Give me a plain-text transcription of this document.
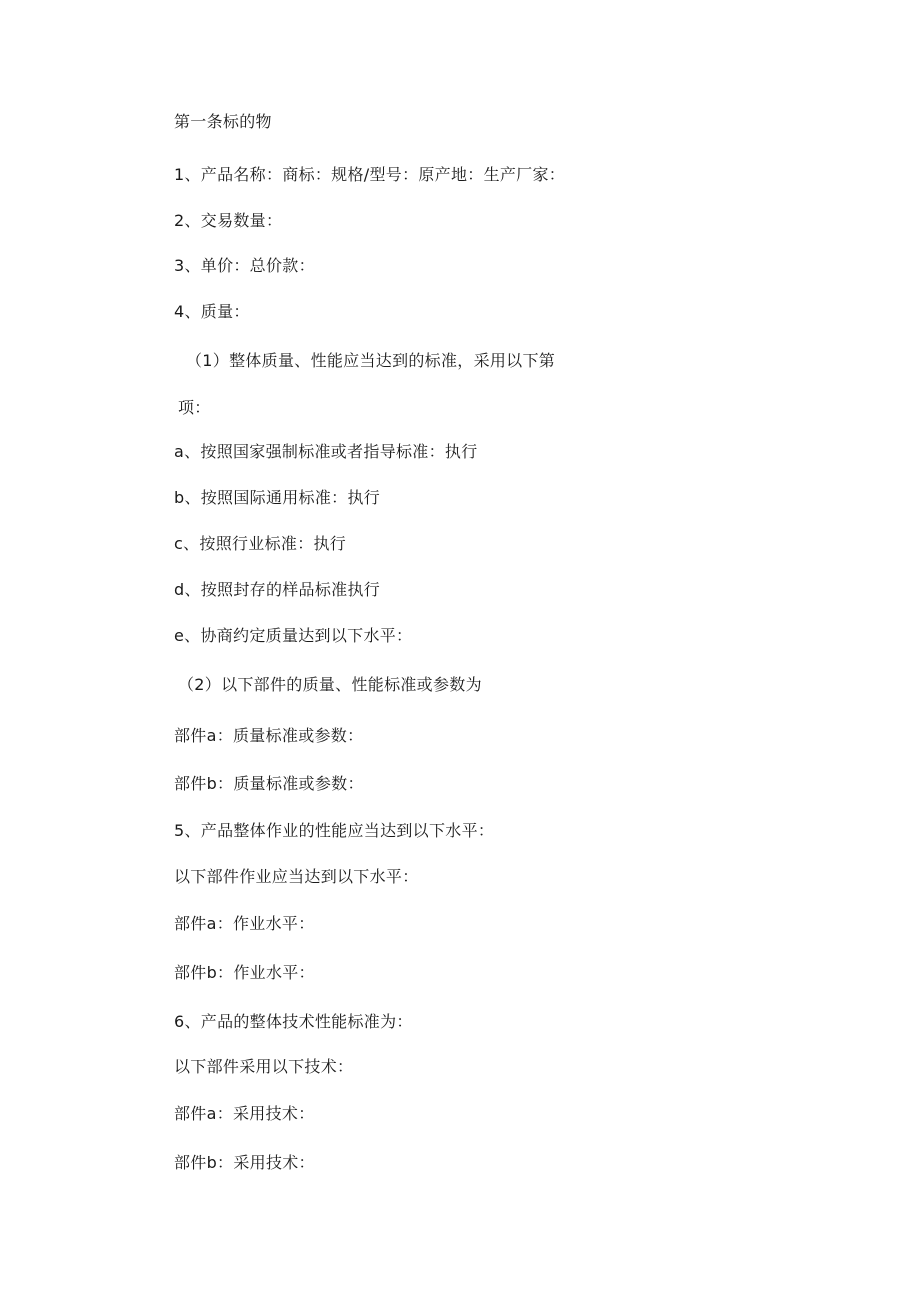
第一条标的物
1、产品名称：商标：规格/型号：原产地：生产厂家：
2、交易数量：
3、单价：总价款：
4、质量：
（1）整体质量、性能应当达到的标准，采用以下第
项：
a、按照国家强制标准或者指导标准：执行
b、按照国际通用标准：执行
c、按照行业标准：执行
d、按照封存的样品标准执行
e、协商约定质量达到以下水平：
（2）以下部件的质量、性能标准或参数为
部件a：质量标准或参数：
部件b：质量标准或参数：
5、产品整体作业的性能应当达到以下水平：
以下部件作业应当达到以下水平：
部件a：作业水平：
部件b：作业水平：
6、产品的整体技术性能标准为：
以下部件采用以下技术：
部件a：采用技术：
部件b：采用技术：
